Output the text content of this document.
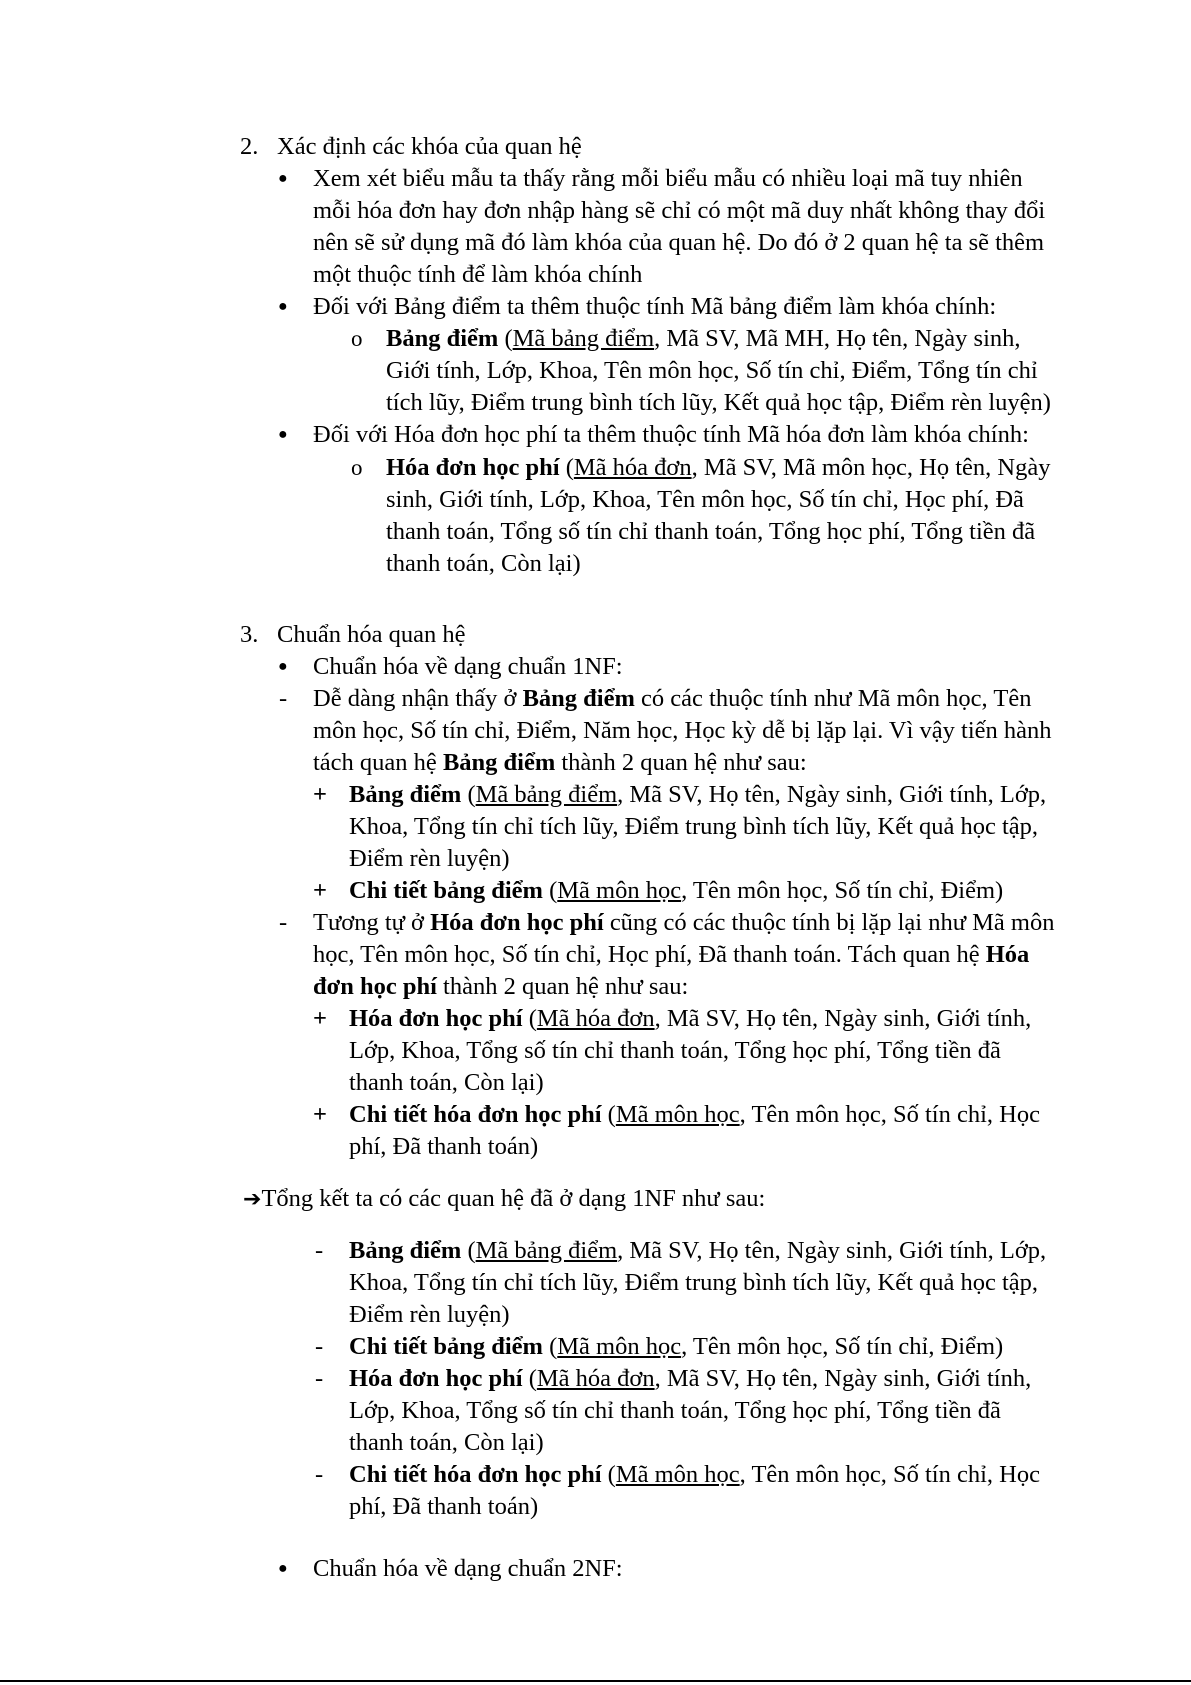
2. Xác định các khóa của quan hệ
● Xem xét biểu mẫu ta thấy rằng mỗi biểu mẫu có nhiều loại mã tuy nhiên
mỗi hóa đơn hay đơn nhập hàng sẽ chỉ có một mã duy nhất không thay đổi
nên sẽ sử dụng mã đó làm khóa của quan hệ. Do đó ở 2 quan hệ ta sẽ thêm
một thuộc tính để làm khóa chính
● Đối với Bảng điểm ta thêm thuộc tính Mã bảng điểm làm khóa chính:
o Bảng điểm (Mã bảng điểm, Mã SV, Mã MH, Họ tên, Ngày sinh,
Giới tính, Lớp, Khoa, Tên môn học, Số tín chỉ, Điểm, Tổng tín chỉ
tích lũy, Điểm trung bình tích lũy, Kết quả học tập, Điểm rèn luyện)
● Đối với Hóa đơn học phí ta thêm thuộc tính Mã hóa đơn làm khóa chính:
o Hóa đơn học phí (Mã hóa đơn, Mã SV, Mã môn học, Họ tên, Ngày
sinh, Giới tính, Lớp, Khoa, Tên môn học, Số tín chỉ, Học phí, Đã
thanh toán, Tổng số tín chỉ thanh toán, Tổng học phí, Tổng tiền đã
thanh toán, Còn lại)
3. Chuẩn hóa quan hệ
● Chuẩn hóa về dạng chuẩn 1NF:
- Dễ dàng nhận thấy ở Bảng điểm có các thuộc tính như Mã môn học, Tên
môn học, Số tín chỉ, Điểm, Năm học, Học kỳ dễ bị lặp lại. Vì vậy tiến hành
tách quan hệ Bảng điểm thành 2 quan hệ như sau:
+ Bảng điểm (Mã bảng điểm, Mã SV, Họ tên, Ngày sinh, Giới tính, Lớp,
Khoa, Tổng tín chỉ tích lũy, Điểm trung bình tích lũy, Kết quả học tập,
Điểm rèn luyện)
+ Chi tiết bảng điểm (Mã môn học, Tên môn học, Số tín chỉ, Điểm)
- Tương tự ở Hóa đơn học phí cũng có các thuộc tính bị lặp lại như Mã môn
học, Tên môn học, Số tín chỉ, Học phí, Đã thanh toán. Tách quan hệ Hóa
đơn học phí thành 2 quan hệ như sau:
+ Hóa đơn học phí (Mã hóa đơn, Mã SV, Họ tên, Ngày sinh, Giới tính,
Lớp, Khoa, Tổng số tín chỉ thanh toán, Tổng học phí, Tổng tiền đã
thanh toán, Còn lại)
+ Chi tiết hóa đơn học phí (Mã môn học, Tên môn học, Số tín chỉ, Học
phí, Đã thanh toán)
➔Tổng kết ta có các quan hệ đã ở dạng 1NF như sau:
- Bảng điểm (Mã bảng điểm, Mã SV, Họ tên, Ngày sinh, Giới tính, Lớp,
Khoa, Tổng tín chỉ tích lũy, Điểm trung bình tích lũy, Kết quả học tập,
Điểm rèn luyện)
- Chi tiết bảng điểm (Mã môn học, Tên môn học, Số tín chỉ, Điểm)
- Hóa đơn học phí (Mã hóa đơn, Mã SV, Họ tên, Ngày sinh, Giới tính,
Lớp, Khoa, Tổng số tín chỉ thanh toán, Tổng học phí, Tổng tiền đã
thanh toán, Còn lại)
- Chi tiết hóa đơn học phí (Mã môn học, Tên môn học, Số tín chỉ, Học
phí, Đã thanh toán)
● Chuẩn hóa về dạng chuẩn 2NF:
